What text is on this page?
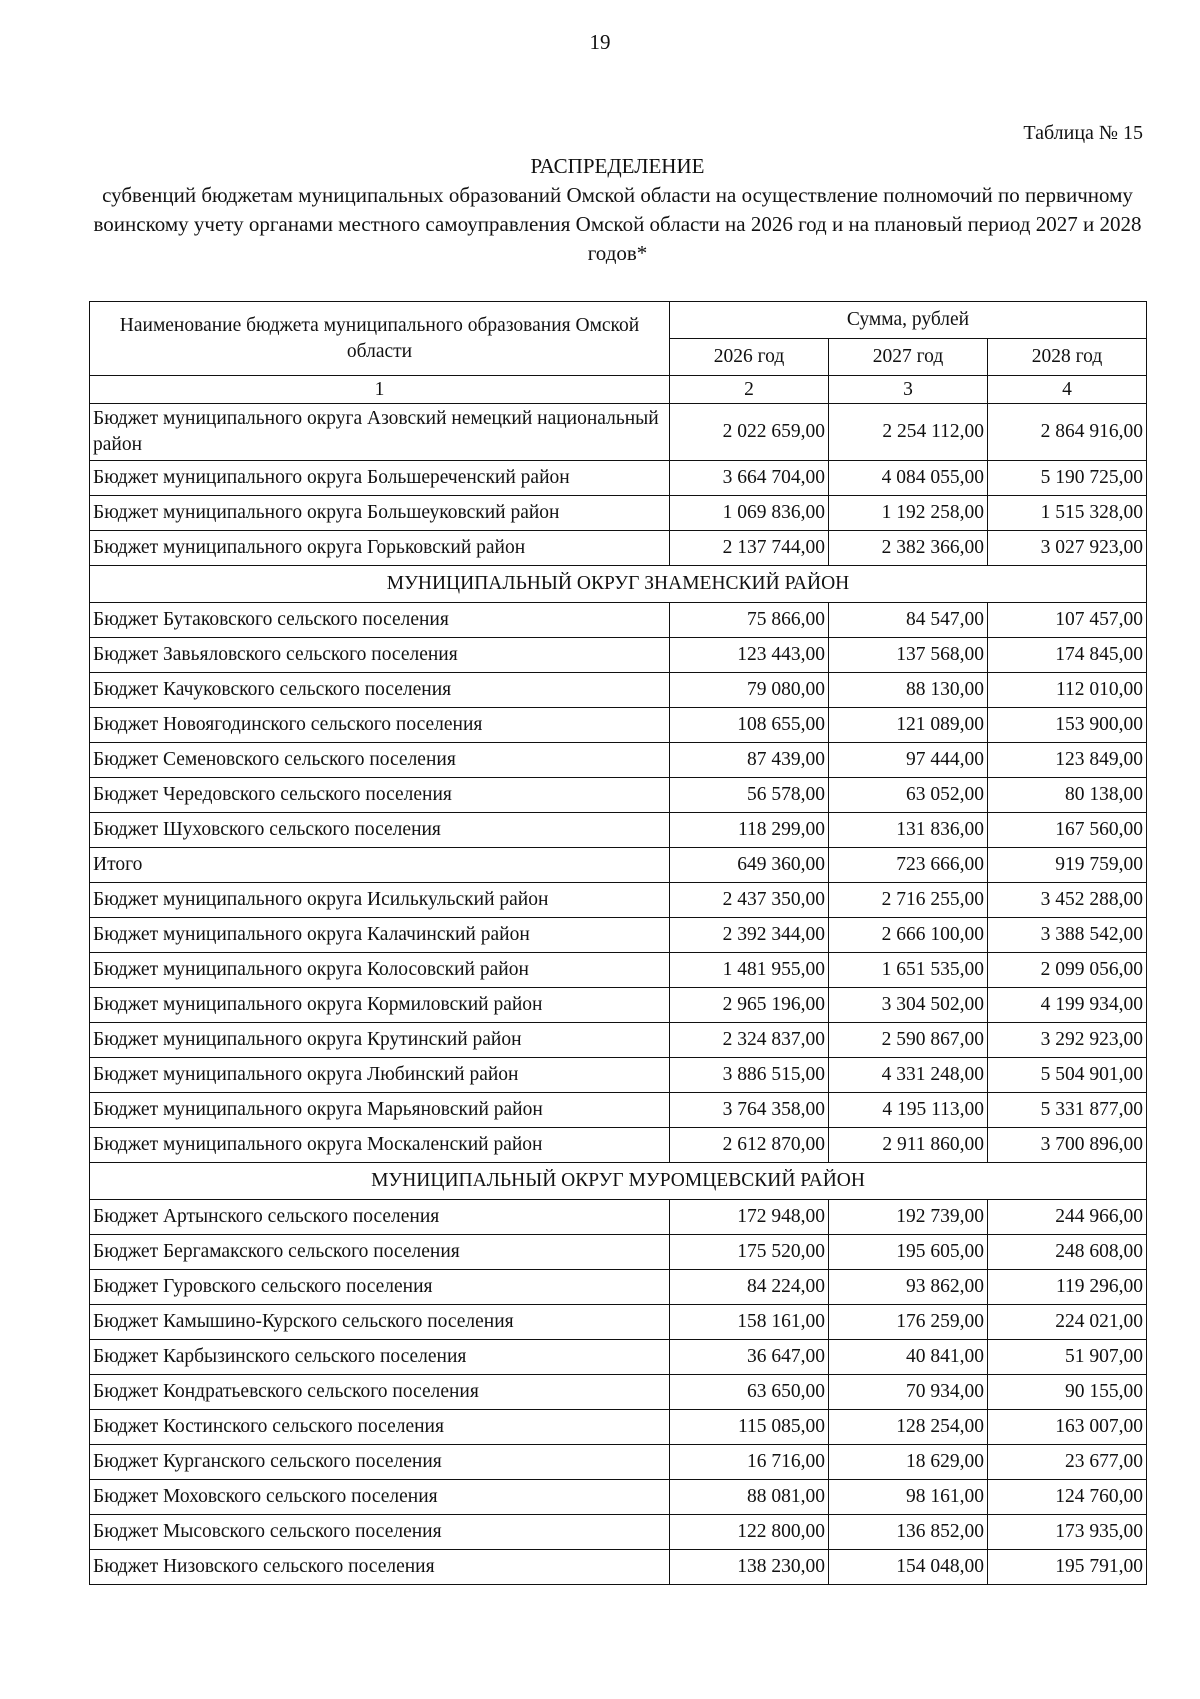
19
Таблица № 15
РАСПРЕДЕЛЕНИЕ
субвенций бюджетам муниципальных образований Омской области на осуществление полномочий по первичному воинскому учету органами местного самоуправления Омской области на 2026 год и на плановый период 2027 и 2028 годов*
Наименование бюджета муниципального образования Омской области	Сумма, рублей		
	2026 год	2027 год	2028 год
1	2	3	4
Бюджет муниципального округа Азовский немецкий национальный район	2 022 659,00	2 254 112,00	2 864 916,00
Бюджет муниципального округа Большереченский район	3 664 704,00	4 084 055,00	5 190 725,00
Бюджет муниципального округа Большеуковский район	1 069 836,00	1 192 258,00	1 515 328,00
Бюджет муниципального округа Горьковский район	2 137 744,00	2 382 366,00	3 027 923,00
МУНИЦИПАЛЬНЫЙ ОКРУГ ЗНАМЕНСКИЙ РАЙОН			
Бюджет Бутаковского сельского поселения	75 866,00	84 547,00	107 457,00
Бюджет Завьяловского сельского поселения	123 443,00	137 568,00	174 845,00
Бюджет Качуковского сельского поселения	79 080,00	88 130,00	112 010,00
Бюджет Новоягодинского сельского поселения	108 655,00	121 089,00	153 900,00
Бюджет Семеновского сельского поселения	87 439,00	97 444,00	123 849,00
Бюджет Чередовского сельского поселения	56 578,00	63 052,00	80 138,00
Бюджет Шуховского сельского поселения	118 299,00	131 836,00	167 560,00
Итого	649 360,00	723 666,00	919 759,00
Бюджет муниципального округа Исилькульский район	2 437 350,00	2 716 255,00	3 452 288,00
Бюджет муниципального округа Калачинский район	2 392 344,00	2 666 100,00	3 388 542,00
Бюджет муниципального округа Колосовский район	1 481 955,00	1 651 535,00	2 099 056,00
Бюджет муниципального округа Кормиловский район	2 965 196,00	3 304 502,00	4 199 934,00
Бюджет муниципального округа Крутинский район	2 324 837,00	2 590 867,00	3 292 923,00
Бюджет муниципального округа Любинский район	3 886 515,00	4 331 248,00	5 504 901,00
Бюджет муниципального округа Марьяновский район	3 764 358,00	4 195 113,00	5 331 877,00
Бюджет муниципального округа Москаленский район	2 612 870,00	2 911 860,00	3 700 896,00
МУНИЦИПАЛЬНЫЙ ОКРУГ МУРОМЦЕВСКИЙ РАЙОН			
Бюджет Артынского сельского поселения	172 948,00	192 739,00	244 966,00
Бюджет Бергамакского сельского поселения	175 520,00	195 605,00	248 608,00
Бюджет Гуровского сельского поселения	84 224,00	93 862,00	119 296,00
Бюджет Камышино-Курского сельского поселения	158 161,00	176 259,00	224 021,00
Бюджет Карбызинского сельского поселения	36 647,00	40 841,00	51 907,00
Бюджет Кондратьевского сельского поселения	63 650,00	70 934,00	90 155,00
Бюджет Костинского сельского поселения	115 085,00	128 254,00	163 007,00
Бюджет Курганского сельского поселения	16 716,00	18 629,00	23 677,00
Бюджет Моховского сельского поселения	88 081,00	98 161,00	124 760,00
Бюджет Мысовского сельского поселения	122 800,00	136 852,00	173 935,00
Бюджет Низовского сельского поселения	138 230,00	154 048,00	195 791,00
